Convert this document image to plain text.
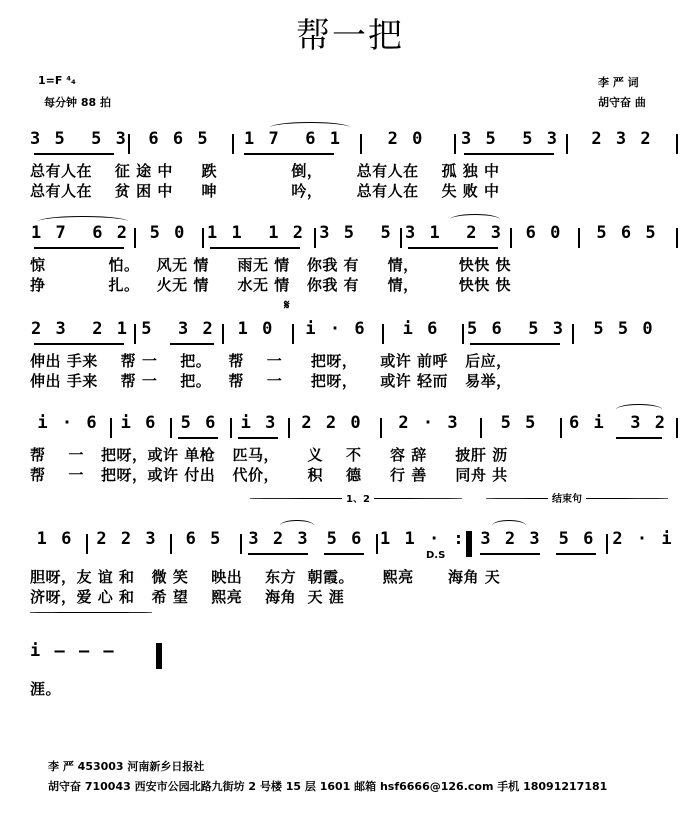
帮一把
1=F ⁴₄
每分钟 88 拍
李 严 词
胡守奋 曲
3 5  5 3	6 6 5	1 7  6 1	2 0	3 5  5 3	2 3 2
总有人在    征 途 中     跌             倒，      总有人在    孤 独 中
总有人在    贫 困 中     呻             吟，      总有人在    失 败 中
1 7  6 2	5 0	1 1  1 2 3 5  5 3 1  2 3	6 0	5 6 5
惊           怕。   风无 情     雨无 情   你我 有     情，       快快 快
挣           扎。   火无 情     水无 情   你我 有     情，       快快 快
𝄋
2 3  2 1 5  3 2	1 0	i · 6	i 6	5 6  5 3	5 5 0
伸出 手来    帮 一    把。   帮    一     把呀，    或许 前呼   后应，
伸出 手来    帮 一    把。   帮    一     把呀，    或许 轻而   易举，
i · 6	i 6	5 6	i 3	2 2 0	2 · 3	5 5	6 i  3 2
帮    一   把呀，或许 单枪   匹马，     义    不     容 辞     披肝 沥
帮    一   把呀，或许 付出   代价，     积    德     行 善     同舟 共
1、2	结束句
1 6	2 2 3	6 5	3 2 3	5 6 1 1 · : 3 2 3	5 6	2 · i
D.S
胆呀，友 谊 和   微 笑    映出    东方  朝霞。     熙亮      海角 天
济呀，爱 心 和   希 望    熙亮    海角  天 涯
i — — —
涯。
李 严 453003 河南新乡日报社
胡守奋 710043 西安市公园北路九街坊 2 号楼 15 层 1601 邮箱 hsf6666@126.com 手机 18091217181
